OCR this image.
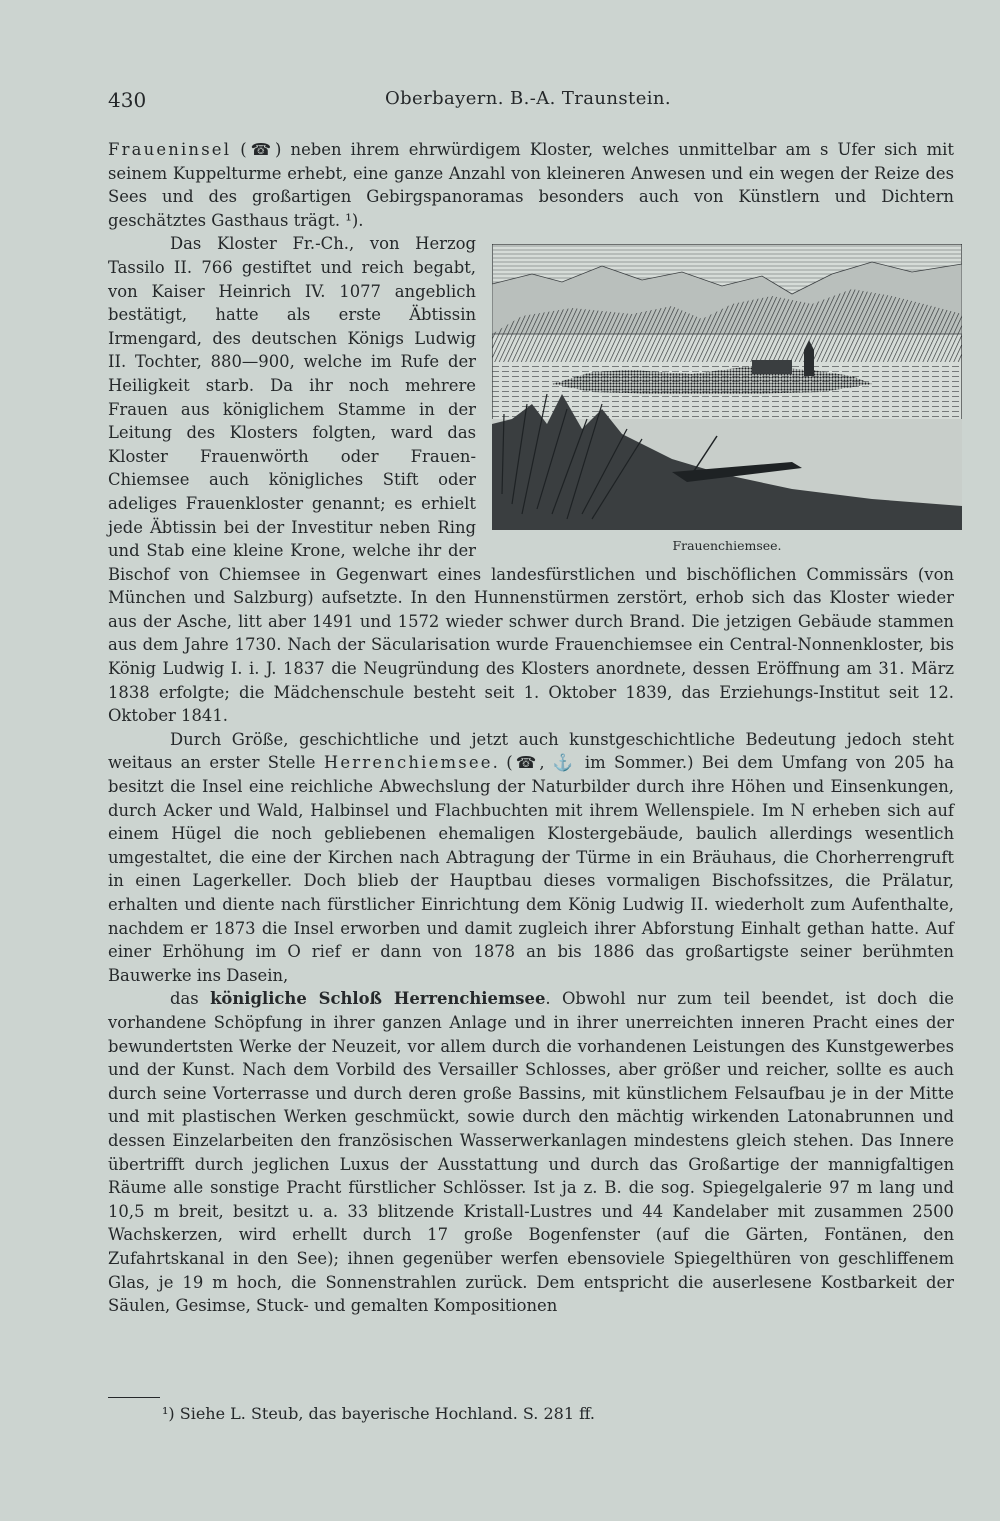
430	Oberbayern. B.-A. Traunstein.

Fraueninsel (☎) neben ihrem ehrwürdigem Kloster, welches unmittelbar am s Ufer sich mit seinem Kuppelturme erhebt, eine ganze Anzahl von kleineren Anwesen und ein wegen der Reize des Sees und des großartigen Gebirgspanoramas besonders auch von Künstlern und Dichtern geschätztes Gasthaus trägt. ¹).

Frauenchiemsee.

Das Kloster Fr.-Ch., von Herzog Tassilo II. 766 gestiftet und reich begabt, von Kaiser Heinrich IV. 1077 angeblich bestätigt, hatte als erste Äbtissin Irmengard, des deutschen Königs Ludwig II. Tochter, 880—900, welche im Rufe der Heiligkeit starb. Da ihr noch mehrere Frauen aus königlichem Stamme in der Leitung des Klosters folgten, ward das Kloster Frauenwörth oder Frauen-Chiemsee auch königliches Stift oder adeliges Frauenkloster genannt; es erhielt jede Äbtissin bei der Investitur neben Ring und Stab eine kleine Krone, welche ihr der Bischof von Chiemsee in Gegenwart eines landesfürstlichen und bischöflichen Commissärs (von München und Salzburg) aufsetzte. In den Hunnenstürmen zerstört, erhob sich das Kloster wieder aus der Asche, litt aber 1491 und 1572 wieder schwer durch Brand. Die jetzigen Gebäude stammen aus dem Jahre 1730. Nach der Säcularisation wurde Frauenchiemsee ein Central-Nonnenkloster, bis König Ludwig I. i. J. 1837 die Neugründung des Klosters anordnete, dessen Eröffnung am 31. März 1838 erfolgte; die Mädchenschule besteht seit 1. Oktober 1839, das Erziehungs-Institut seit 12. Oktober 1841.

Durch Größe, geschichtliche und jetzt auch kunstgeschichtliche Bedeutung jedoch steht weitaus an erster Stelle Herrenchiemsee. (☎, ⚓ im Sommer.) Bei dem Umfang von 205 ha besitzt die Insel eine reichliche Abwechslung der Naturbilder durch ihre Höhen und Einsenkungen, durch Acker und Wald, Halbinsel und Flachbuchten mit ihrem Wellenspiele. Im N erheben sich auf einem Hügel die noch gebliebenen ehemaligen Klostergebäude, baulich allerdings wesentlich umgestaltet, die eine der Kirchen nach Abtragung der Türme in ein Bräuhaus, die Chorherrengruft in einen Lagerkeller. Doch blieb der Hauptbau dieses vormaligen Bischofssitzes, die Prälatur, erhalten und diente nach fürstlicher Einrichtung dem König Ludwig II. wiederholt zum Aufenthalte, nachdem er 1873 die Insel erworben und damit zugleich ihrer Abforstung Einhalt gethan hatte. Auf einer Erhöhung im O rief er dann von 1878 an bis 1886 das großartigste seiner berühmten Bauwerke ins Dasein,

das königliche Schloß Herrenchiemsee. Obwohl nur zum teil beendet, ist doch die vorhandene Schöpfung in ihrer ganzen Anlage und in ihrer unerreichten inneren Pracht eines der bewundertsten Werke der Neuzeit, vor allem durch die vorhandenen Leistungen des Kunstgewerbes und der Kunst. Nach dem Vorbild des Versailler Schlosses, aber größer und reicher, sollte es auch durch seine Vorterrasse und durch deren große Bassins, mit künstlichem Felsaufbau je in der Mitte und mit plastischen Werken geschmückt, sowie durch den mächtig wirkenden Latonabrunnen und dessen Einzelarbeiten den französischen Wasserwerkanlagen mindestens gleich stehen. Das Innere übertrifft durch jeglichen Luxus der Ausstattung und durch das Großartige der mannigfaltigen Räume alle sonstige Pracht fürstlicher Schlösser. Ist ja z. B. die sog. Spiegelgalerie 97 m lang und 10,5 m breit, besitzt u. a. 33 blitzende Kristall-Lustres und 44 Kandelaber mit zusammen 2500 Wachskerzen, wird erhellt durch 17 große Bogenfenster (auf die Gärten, Fontänen, den Zufahrtskanal in den See); ihnen gegenüber werfen ebensoviele Spiegelthüren von geschliffenem Glas, je 19 m hoch, die Sonnenstrahlen zurück. Dem entspricht die auserlesene Kostbarkeit der Säulen, Gesimse, Stuck- und gemalten Kompositionen

¹) Siehe L. Steub, das bayerische Hochland. S. 281 ff.
